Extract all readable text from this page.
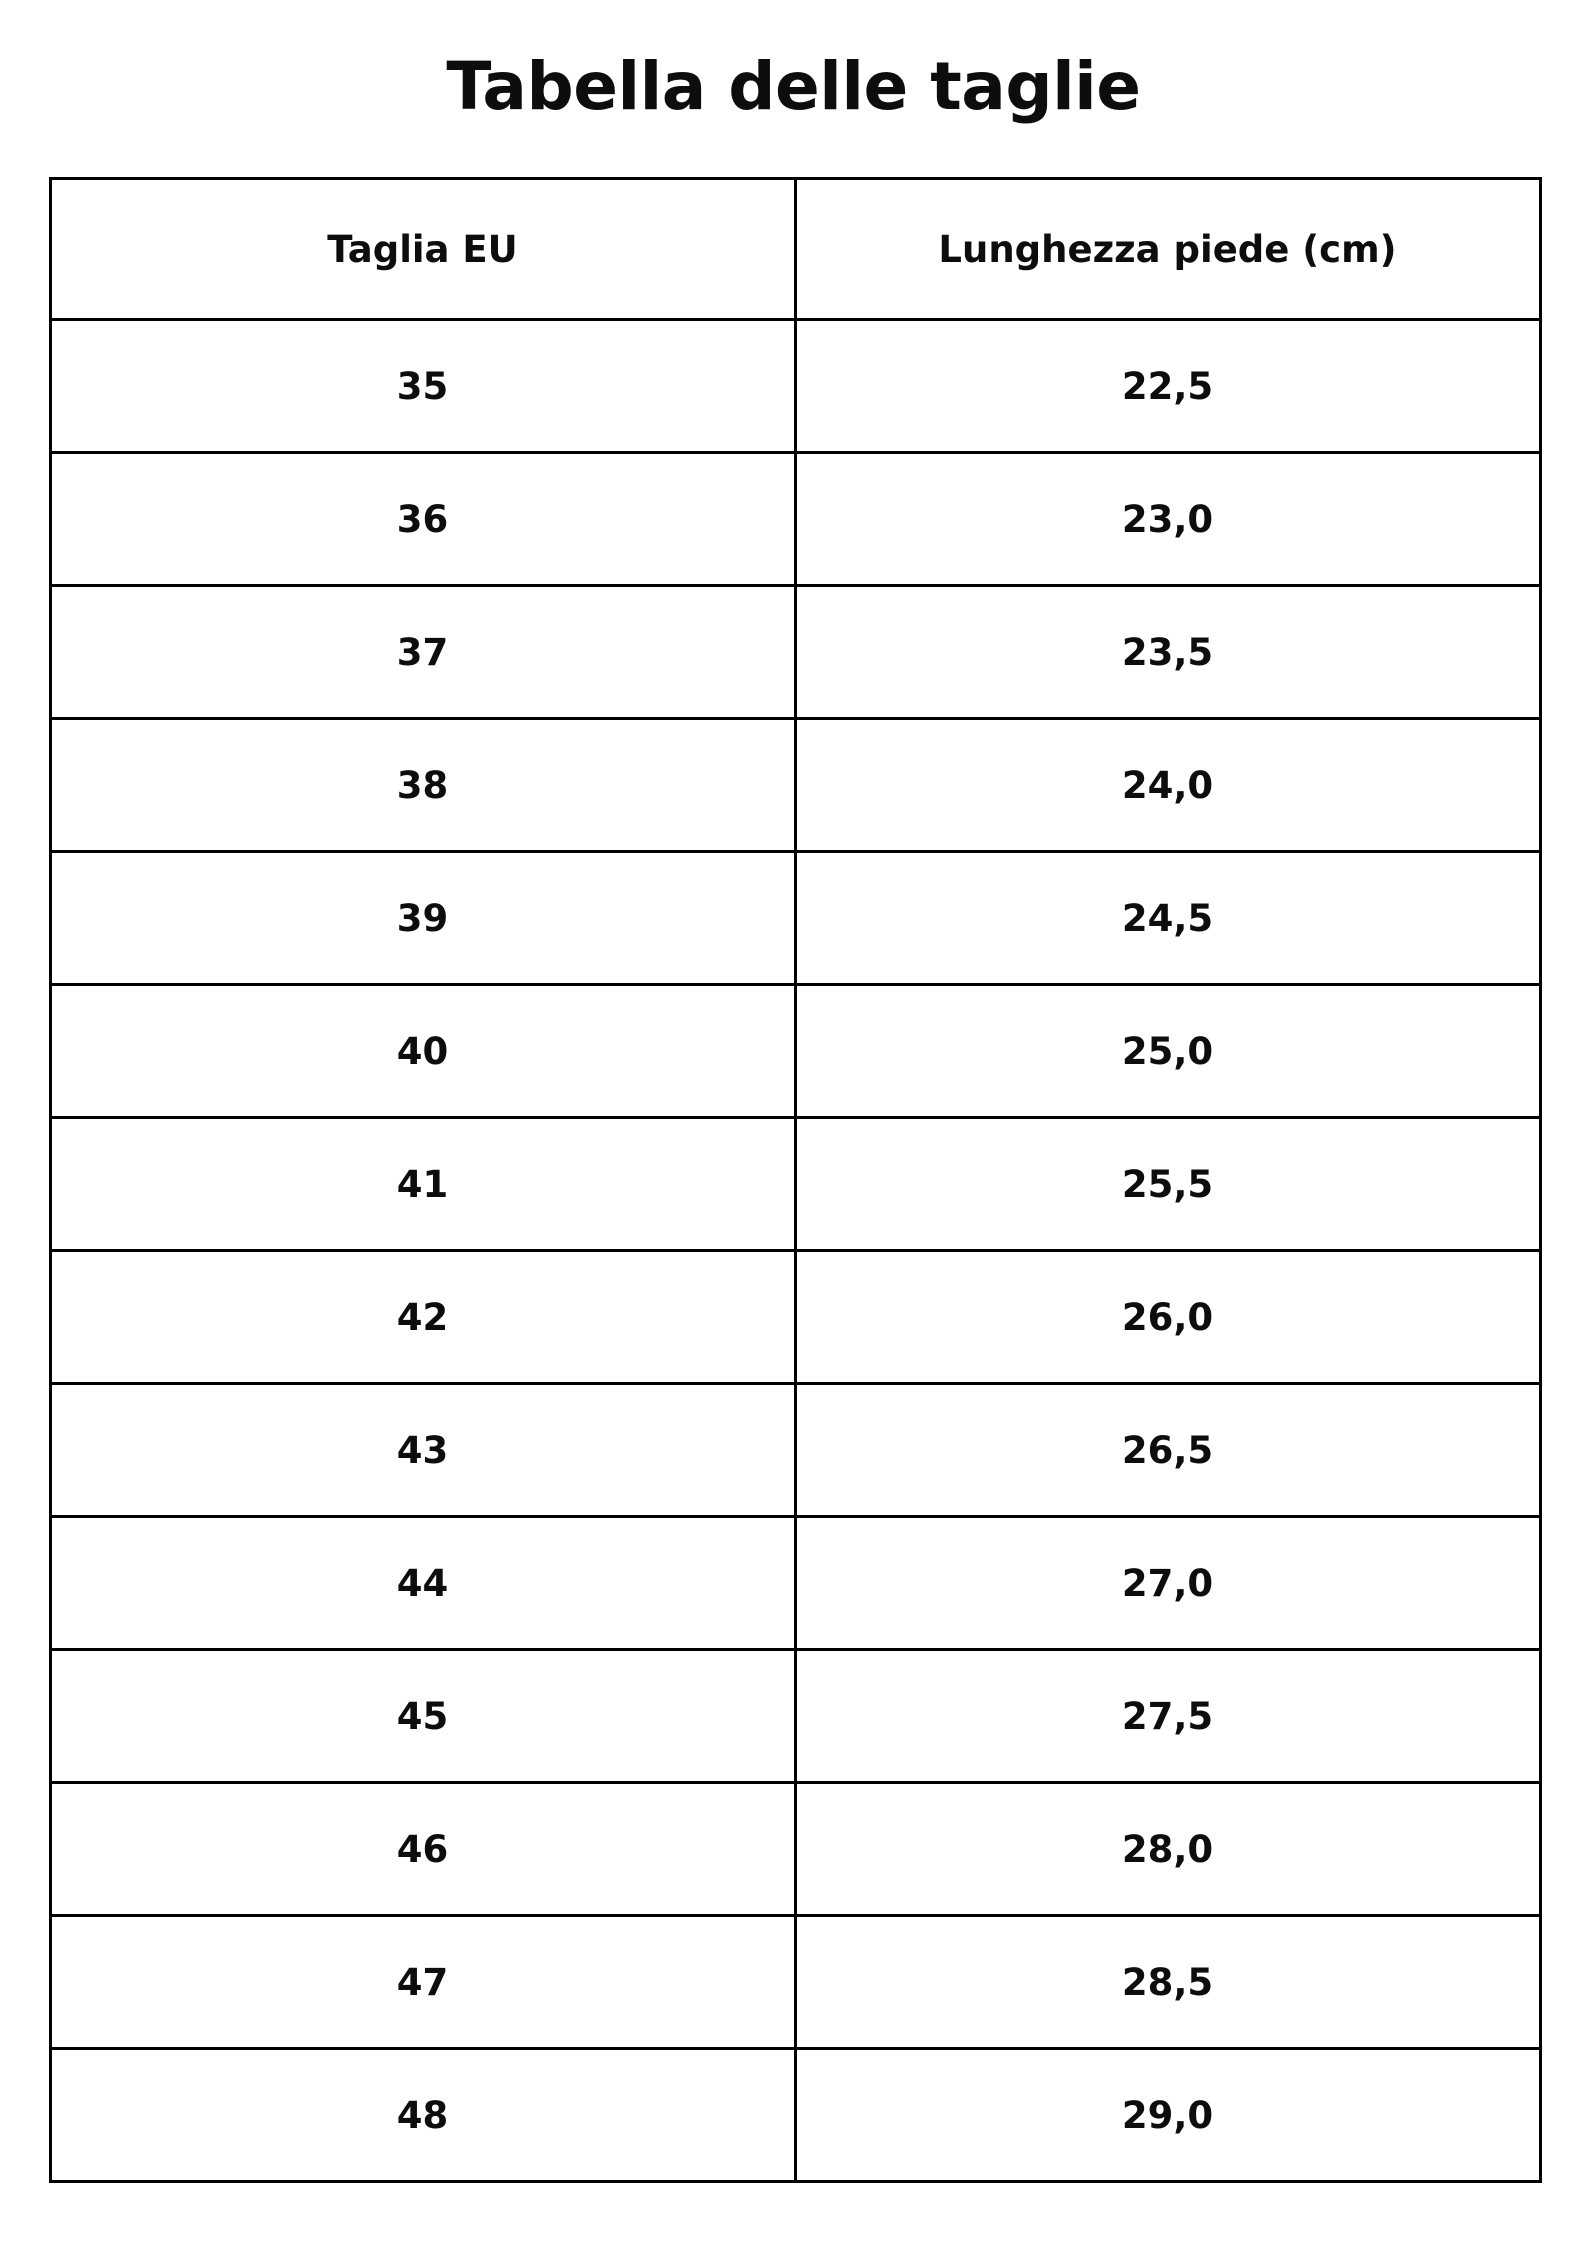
Tabella delle taglie
Taglia EU	Lunghezza piede (cm)
35	22,5
36	23,0
37	23,5
38	24,0
39	24,5
40	25,0
41	25,5
42	26,0
43	26,5
44	27,0
45	27,5
46	28,0
47	28,5
48	29,0
